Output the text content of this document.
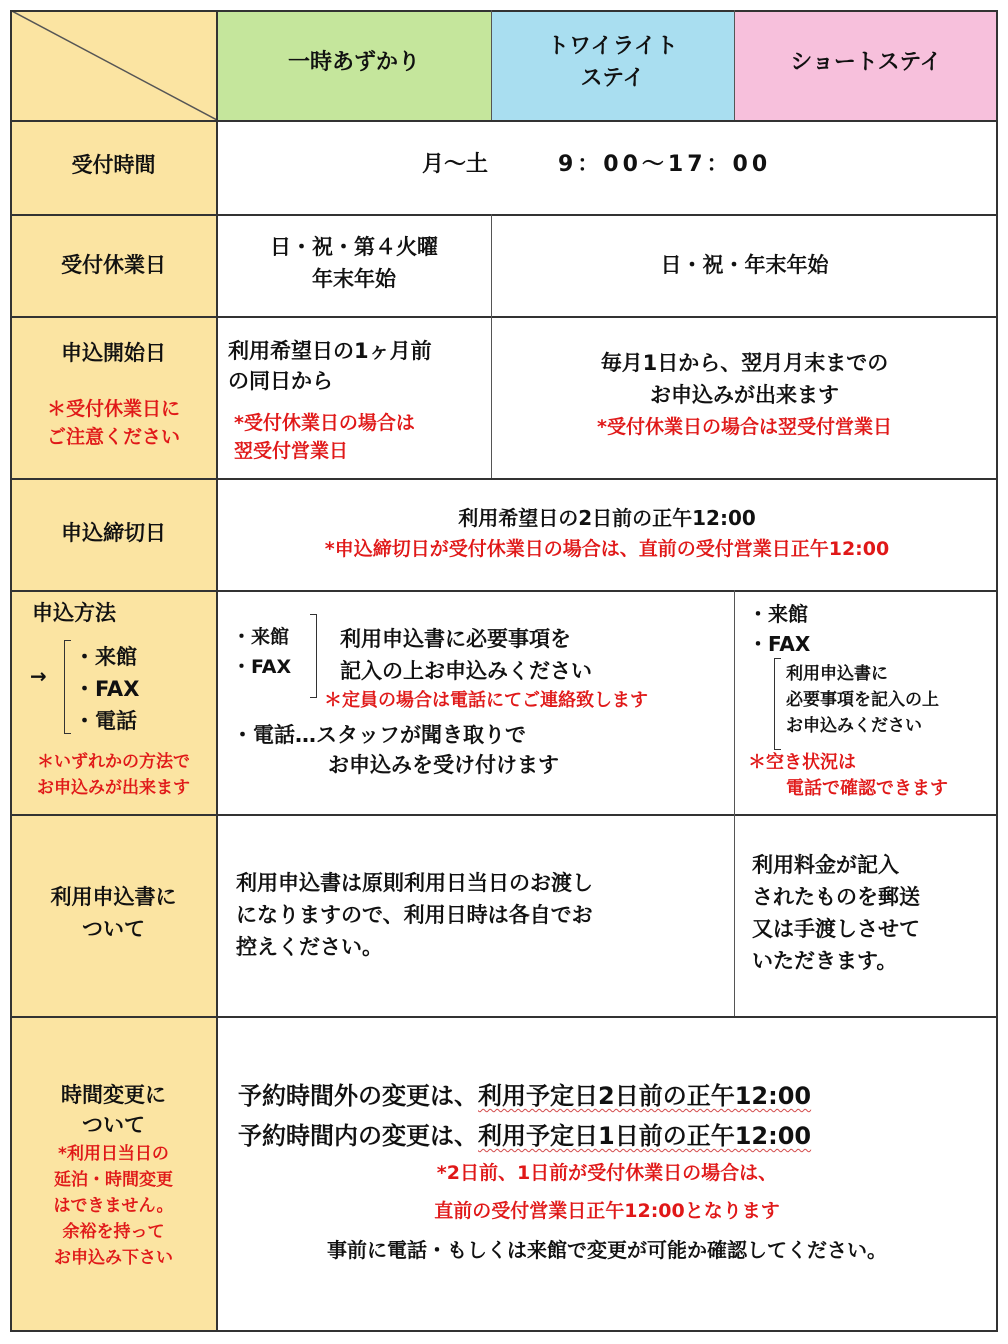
一時あずかり
トワイライト
ステイ
ショートステイ
受付時間	月～土	9：00～17：00
受付休業日
日・祝・第４火曜
年末年始
日・祝・年末年始
申込開始日
＊受付休業日に
ご注意ください
利用希望日の1ヶ月前
の同日から
*受付休業日の場合は
翌受付営業日
毎月1日から、翌月月末までの
お申込みが出来ます
*受付休業日の場合は翌受付営業日
申込締切日
利用希望日の2日前の正午12:00
*申込締切日が受付休業日の場合は、直前の受付営業日正午12:00
申込方法
→
・来館
・FAX
・電話
＊いずれかの方法で
お申込みが出来ます
・来館
・FAX
利用申込書に必要事項を
記入の上お申込みください
＊定員の場合は電話にてご連絡致します
・電話…スタッフが聞き取りで
お申込みを受け付けます
・来館
・FAX
利用申込書に
必要事項を記入の上
お申込みください
＊空き状況は
電話で確認できます
利用申込書に
ついて
利用申込書は原則利用日当日のお渡し
になりますので、利用日時は各自でお
控えください。
利用料金が記入
されたものを郵送
又は手渡しさせて
いただきます。
時間変更に
ついて
*利用日当日の
延泊・時間変更
はできません。
余裕を持って
お申込み下さい
予約時間外の変更は、利用予定日2日前の正午12:00
予約時間内の変更は、利用予定日1日前の正午12:00
*2日前、1日前が受付休業日の場合は、
直前の受付営業日正午12:00となります
事前に電話・もしくは来館で変更が可能か確認してください。
